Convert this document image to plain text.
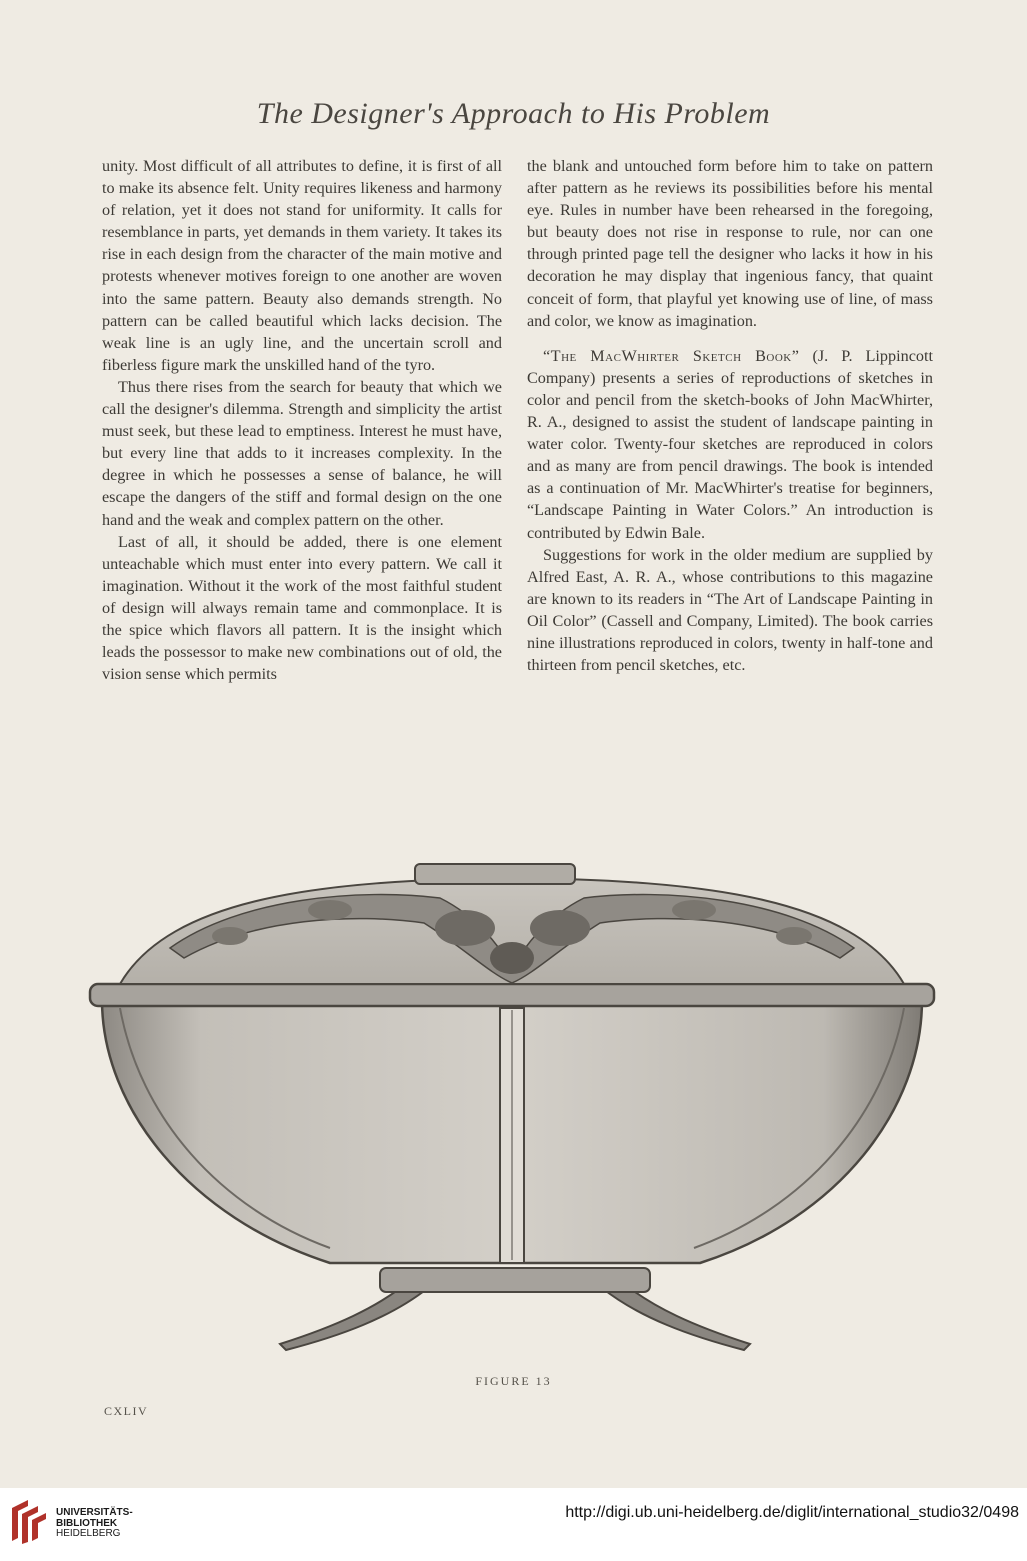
The Designer's Approach to His Problem

unity. Most difficult of all attributes to define, it is first of all to make its absence felt. Unity requires likeness and harmony of relation, yet it does not stand for uniformity. It calls for resemblance in parts, yet demands in them variety. It takes its rise in each design from the character of the main motive and protests whenever motives foreign to one another are woven into the same pattern. Beauty also demands strength. No pattern can be called beautiful which lacks decision. The weak line is an ugly line, and the uncertain scroll and fiberless figure mark the unskilled hand of the tyro.

Thus there rises from the search for beauty that which we call the designer's dilemma. Strength and simplicity the artist must seek, but these lead to emptiness. Interest he must have, but every line that adds to it increases complexity. In the degree in which he possesses a sense of balance, he will escape the dangers of the stiff and formal design on the one hand and the weak and complex pattern on the other.

Last of all, it should be added, there is one element unteachable which must enter into every pattern. We call it imagination. Without it the work of the most faithful student of design will always remain tame and commonplace. It is the spice which flavors all pattern. It is the insight which leads the possessor to make new combinations out of old, the vision sense which permits

the blank and untouched form before him to take on pattern after pattern as he reviews its possibilities before his mental eye. Rules in number have been rehearsed in the foregoing, but beauty does not rise in response to rule, nor can one through printed page tell the designer who lacks it how in his decoration he may display that ingenious fancy, that quaint conceit of form, that playful yet knowing use of line, of mass and color, we know as imagination.

“The MacWhirter Sketch Book” (J. P. Lippincott Company) presents a series of reproductions of sketches in color and pencil from the sketch-books of John MacWhirter, R. A., designed to assist the student of landscape painting in water color. Twenty-four sketches are reproduced in colors and as many are from pencil drawings. The book is intended as a continuation of Mr. MacWhirter's treatise for beginners, “Landscape Painting in Water Colors.” An introduction is contributed by Edwin Bale.

Suggestions for work in the older medium are supplied by Alfred East, A. R. A., whose contributions to this magazine are known to its readers in “The Art of Landscape Painting in Oil Color” (Cassell and Company, Limited). The book carries nine illustrations reproduced in colors, twenty in half-tone and thirteen from pencil sketches, etc.

FIGURE 13
CXLIV
UNIVERSITÄTS-
BIBLIOTHEK
HEIDELBERG
http://digi.ub.uni-heidelberg.de/diglit/international_studio32/0498
